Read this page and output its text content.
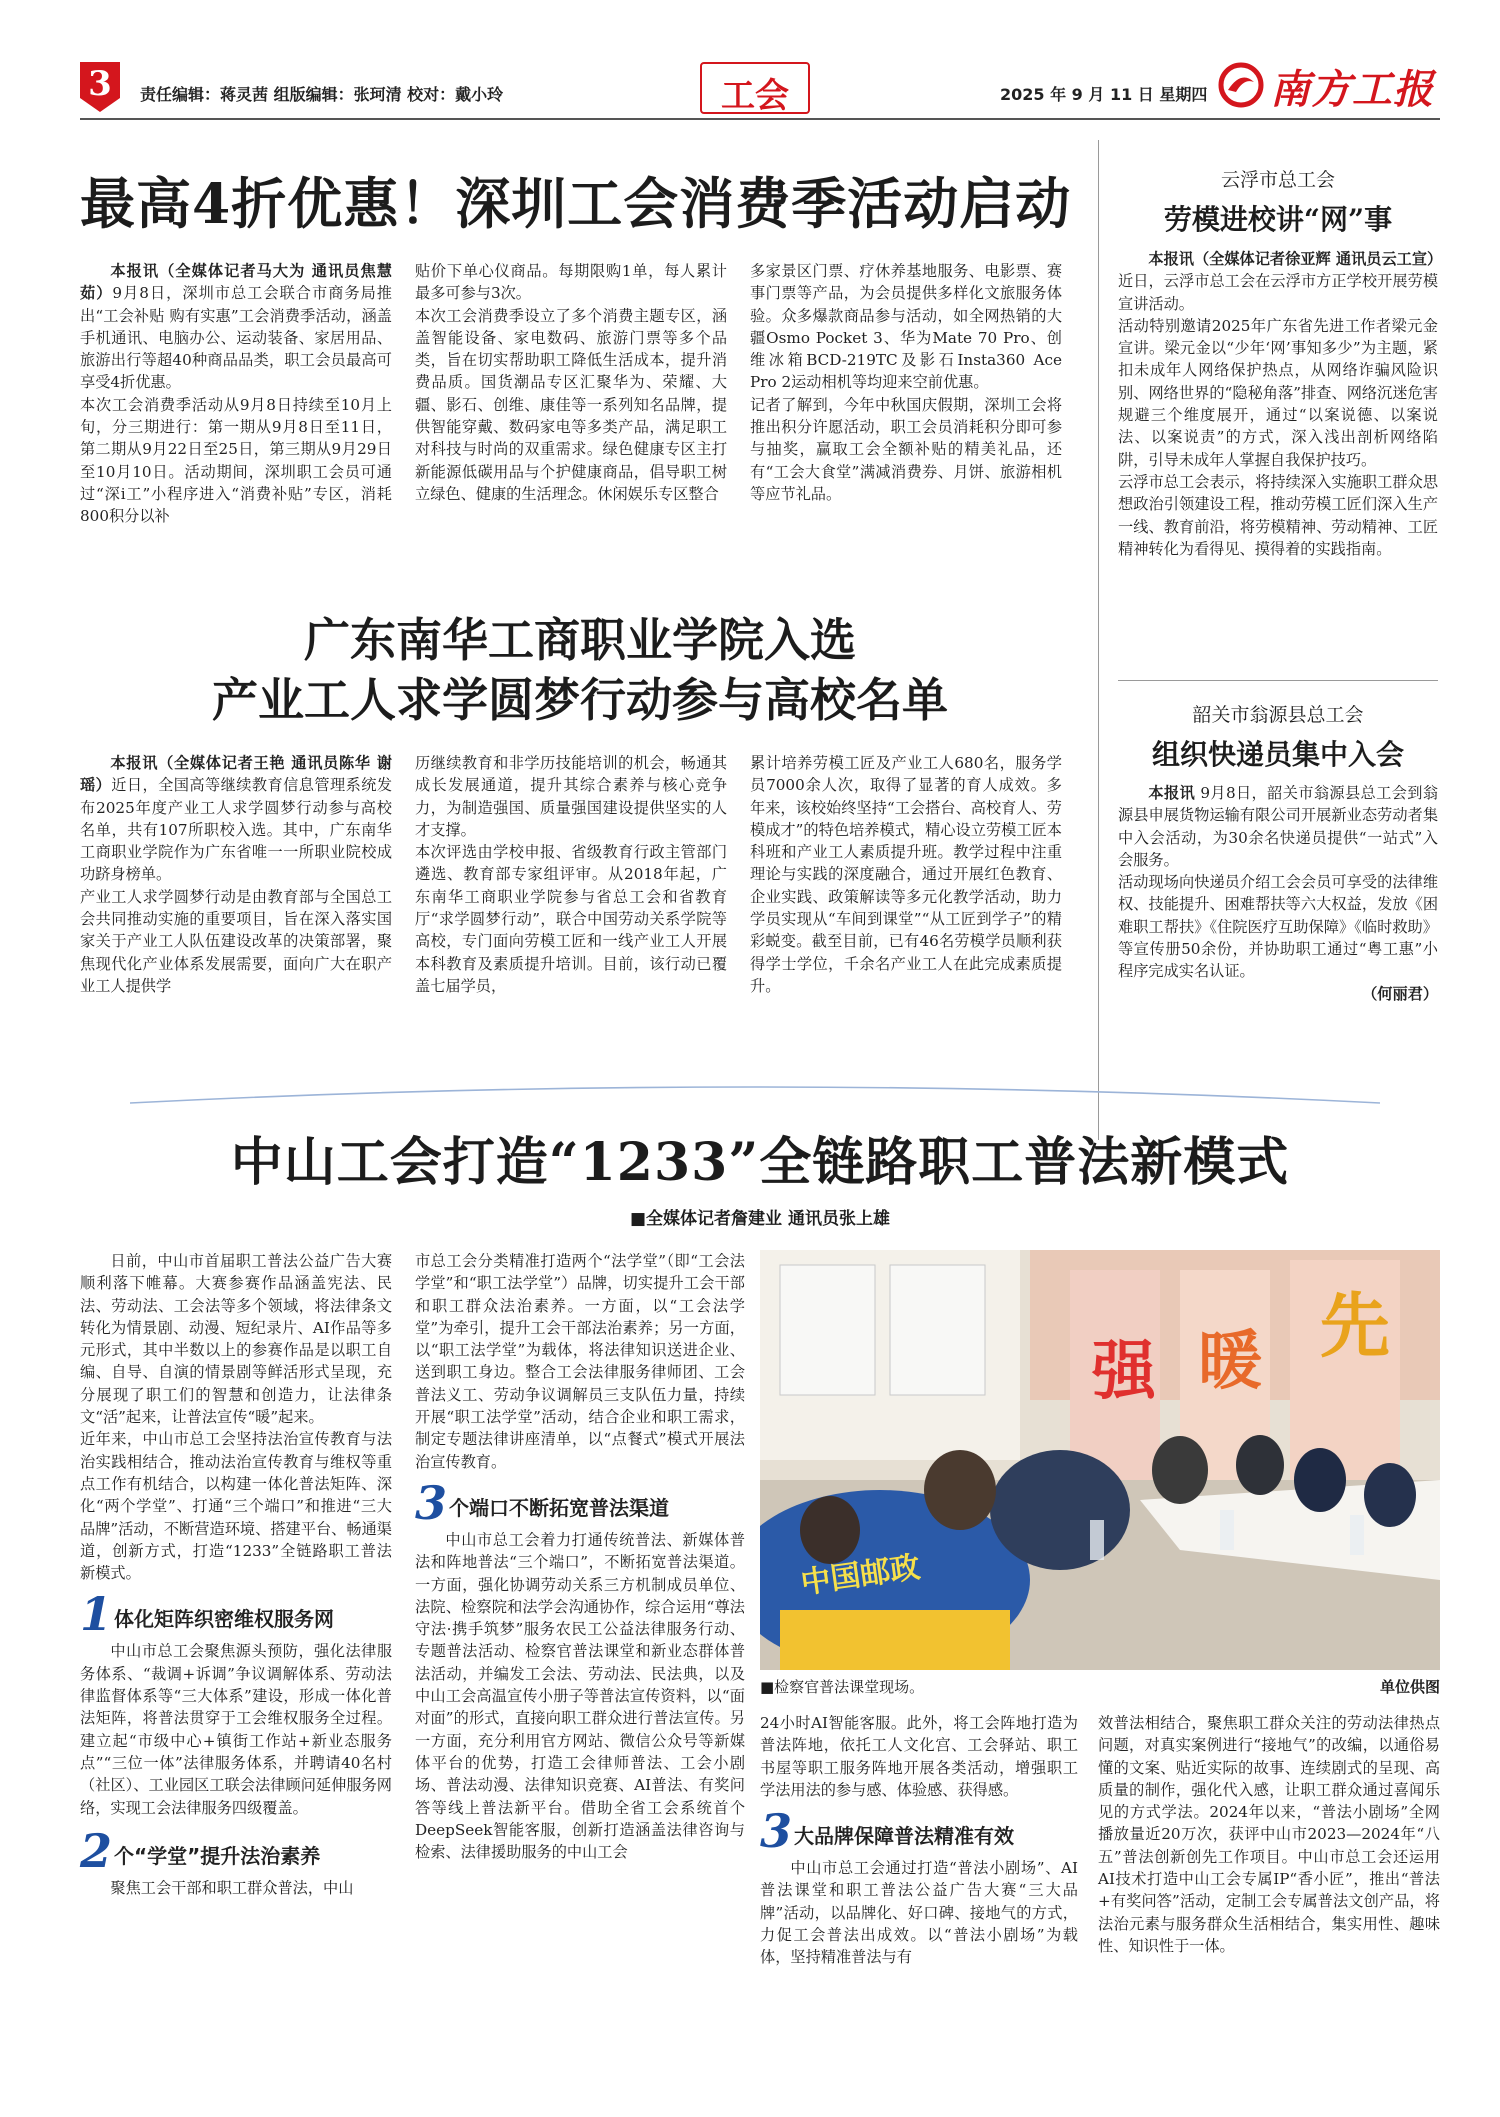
3	责任编辑：蒋灵茜 组版编辑：张珂清 校对：戴小玲	工会	2025 年 9 月 11 日 星期四 南方工报
最高4折优惠！深圳工会消费季活动启动

本报讯（全媒体记者马大为 通讯员焦慧茹）9月8日，深圳市总工会联合市商务局推出“工会补贴 购有实惠”工会消费季活动，涵盖手机通讯、电脑办公、运动装备、家居用品、旅游出行等超40种商品品类，职工会员最高可享受4折优惠。
本次工会消费季活动从9月8日持续至10月上旬，分三期进行：第一期从9月8日至11日，第二期从9月22日至25日，第三期从9月29日至10月10日。活动期间，深圳职工会员可通过“深i工”小程序进入“消费补贴”专区，消耗800积分以补

贴价下单心仪商品。每期限购1单，每人累计最多可参与3次。
本次工会消费季设立了多个消费主题专区，涵盖智能设备、家电数码、旅游门票等多个品类，旨在切实帮助职工降低生活成本，提升消费品质。国货潮品专区汇聚华为、荣耀、大疆、影石、创维、康佳等一系列知名品牌，提供智能穿戴、数码家电等多类产品，满足职工对科技与时尚的双重需求。绿色健康专区主打新能源低碳用品与个护健康商品，倡导职工树立绿色、健康的生活理念。休闲娱乐专区整合

多家景区门票、疗休养基地服务、电影票、赛事门票等产品，为会员提供多样化文旅服务体验。众多爆款商品参与活动，如全网热销的大疆Osmo Pocket 3、华为Mate 70 Pro、创维冰箱BCD-219TC及影石Insta360 Ace Pro 2运动相机等均迎来空前优惠。
记者了解到，今年中秋国庆假期，深圳工会将推出积分许愿活动，职工会员消耗积分即可参与抽奖，赢取工会全额补贴的精美礼品，还有“工会大食堂”满减消费券、月饼、旅游相机等应节礼品。

云浮市总工会
劳模进校讲“网”事

本报讯（全媒体记者徐亚辉 通讯员云工宣）近日，云浮市总工会在云浮市方正学校开展劳模宣讲活动。
活动特别邀请2025年广东省先进工作者梁元金宣讲。梁元金以“少年‘网’事知多少”为主题，紧扣未成年人网络保护热点，从网络诈骗风险识别、网络世界的“隐秘角落”排查、网络沉迷危害规避三个维度展开，通过“以案说德、以案说法、以案说责”的方式，深入浅出剖析网络陷阱，引导未成年人掌握自我保护技巧。
云浮市总工会表示，将持续深入实施职工群众思想政治引领建设工程，推动劳模工匠们深入生产一线、教育前沿，将劳模精神、劳动精神、工匠精神转化为看得见、摸得着的实践指南。

广东南华工商职业学院入选
产业工人求学圆梦行动参与高校名单

本报讯（全媒体记者王艳 通讯员陈华 谢瑶）近日，全国高等继续教育信息管理系统发布2025年度产业工人求学圆梦行动参与高校名单，共有107所职校入选。其中，广东南华工商职业学院作为广东省唯一一所职业院校成功跻身榜单。
产业工人求学圆梦行动是由教育部与全国总工会共同推动实施的重要项目，旨在深入落实国家关于产业工人队伍建设改革的决策部署，聚焦现代化产业体系发展需要，面向广大在职产业工人提供学

历继续教育和非学历技能培训的机会，畅通其成长发展通道，提升其综合素养与核心竞争力，为制造强国、质量强国建设提供坚实的人才支撑。
本次评选由学校申报、省级教育行政主管部门遴选、教育部专家组评审。从2018年起，广东南华工商职业学院参与省总工会和省教育厅“求学圆梦行动”，联合中国劳动关系学院等高校，专门面向劳模工匠和一线产业工人开展本科教育及素质提升培训。目前，该行动已覆盖七届学员，

累计培养劳模工匠及产业工人680名，服务学员7000余人次，取得了显著的育人成效。多年来，该校始终坚持“工会搭台、高校育人、劳模成才”的特色培养模式，精心设立劳模工匠本科班和产业工人素质提升班。教学过程中注重理论与实践的深度融合，通过开展红色教育、企业实践、政策解读等多元化教学活动，助力学员实现从“车间到课堂”“从工匠到学子”的精彩蜕变。截至目前，已有46名劳模学员顺利获得学士学位，千余名产业工人在此完成素质提升。

韶关市翁源县总工会
组织快递员集中入会

本报讯 9月8日，韶关市翁源县总工会到翁源县申展货物运输有限公司开展新业态劳动者集中入会活动，为30余名快递员提供“一站式”入会服务。
活动现场向快递员介绍工会会员可享受的法律维权、技能提升、困难帮扶等六大权益，发放《困难职工帮扶》《住院医疗互助保障》《临时救助》等宣传册50余份，并协助职工通过“粤工惠”小程序完成实名认证。

（何丽君）
中山工会打造“1233”全链路职工普法新模式
■全媒体记者詹建业 通讯员张上雄

日前，中山市首届职工普法公益广告大赛顺利落下帷幕。大赛参赛作品涵盖宪法、民法、劳动法、工会法等多个领域，将法律条文转化为情景剧、动漫、短纪录片、AI作品等多元形式，其中半数以上的参赛作品是以职工自编、自导、自演的情景剧等鲜活形式呈现，充分展现了职工们的智慧和创造力，让法律条文“活”起来，让普法宣传“暖”起来。
近年来，中山市总工会坚持法治宣传教育与法治实践相结合，推动法治宣传教育与维权等重点工作有机结合，以构建一体化普法矩阵、深化“两个学堂”、打通“三个端口”和推进“三大品牌”活动，不断营造环境、搭建平台、畅通渠道，创新方式，打造“1233”全链路职工普法新模式。

1 体化矩阵织密维权服务网

中山市总工会聚焦源头预防，强化法律服务体系、“裁调+诉调”争议调解体系、劳动法律监督体系等“三大体系”建设，形成一体化普法矩阵，将普法贯穿于工会维权服务全过程。建立起“市级中心+镇街工作站+新业态服务点”“三位一体”法律服务体系，并聘请40名村（社区）、工业园区工联会法律顾问延伸服务网络，实现工会法律服务四级覆盖。

2 个“学堂”提升法治素养

聚焦工会干部和职工群众普法，中山

市总工会分类精准打造两个“法学堂”（即“工会法学堂”和“职工法学堂”）品牌，切实提升工会干部和职工群众法治素养。一方面，以“工会法学堂”为牵引，提升工会干部法治素养；另一方面，以“职工法学堂”为载体，将法律知识送进企业、送到职工身边。整合工会法律服务律师团、工会普法义工、劳动争议调解员三支队伍力量，持续开展“职工法学堂”活动，结合企业和职工需求，制定专题法律讲座清单，以“点餐式”模式开展法治宣传教育。

3 个端口不断拓宽普法渠道

中山市总工会着力打通传统普法、新媒体普法和阵地普法“三个端口”，不断拓宽普法渠道。一方面，强化协调劳动关系三方机制成员单位、法院、检察院和法学会沟通协作，综合运用“尊法守法·携手筑梦”服务农民工公益法律服务行动、专题普法活动、检察官普法课堂和新业态群体普法活动，并编发工会法、劳动法、民法典，以及中山工会高温宣传小册子等普法宣传资料，以“面对面”的形式，直接向职工群众进行普法宣传。另一方面，充分利用官方网站、微信公众号等新媒体平台的优势，打造工会律师普法、工会小剧场、普法动漫、法律知识竞赛、AI普法、有奖问答等线上普法新平台。借助全省工会系统首个DeepSeek智能客服，创新打造涵盖法律咨询与检索、法律援助服务的中山工会

强 暖 先
中国邮政
■检察官普法课堂现场。	单位供图

24小时AI智能客服。此外，将工会阵地打造为普法阵地，依托工人文化宫、工会驿站、职工书屋等职工服务阵地开展各类活动，增强职工学法用法的参与感、体验感、获得感。

3 大品牌保障普法精准有效

中山市总工会通过打造“普法小剧场”、AI普法课堂和职工普法公益广告大赛“三大品牌”活动，以品牌化、好口碑、接地气的方式，力促工会普法出成效。以“普法小剧场”为载体，坚持精准普法与有

效普法相结合，聚焦职工群众关注的劳动法律热点问题，对真实案例进行“接地气”的改编，以通俗易懂的文案、贴近实际的故事、连续剧式的呈现、高质量的制作，强化代入感，让职工群众通过喜闻乐见的方式学法。2024年以来，“普法小剧场”全网播放量近20万次，获评中山市2023—2024年“八五”普法创新创先工作项目。中山市总工会还运用AI技术打造中山工会专属IP“香小匠”，推出“普法+有奖问答”活动，定制工会专属普法文创产品，将法治元素与服务群众生活相结合，集实用性、趣味性、知识性于一体。
